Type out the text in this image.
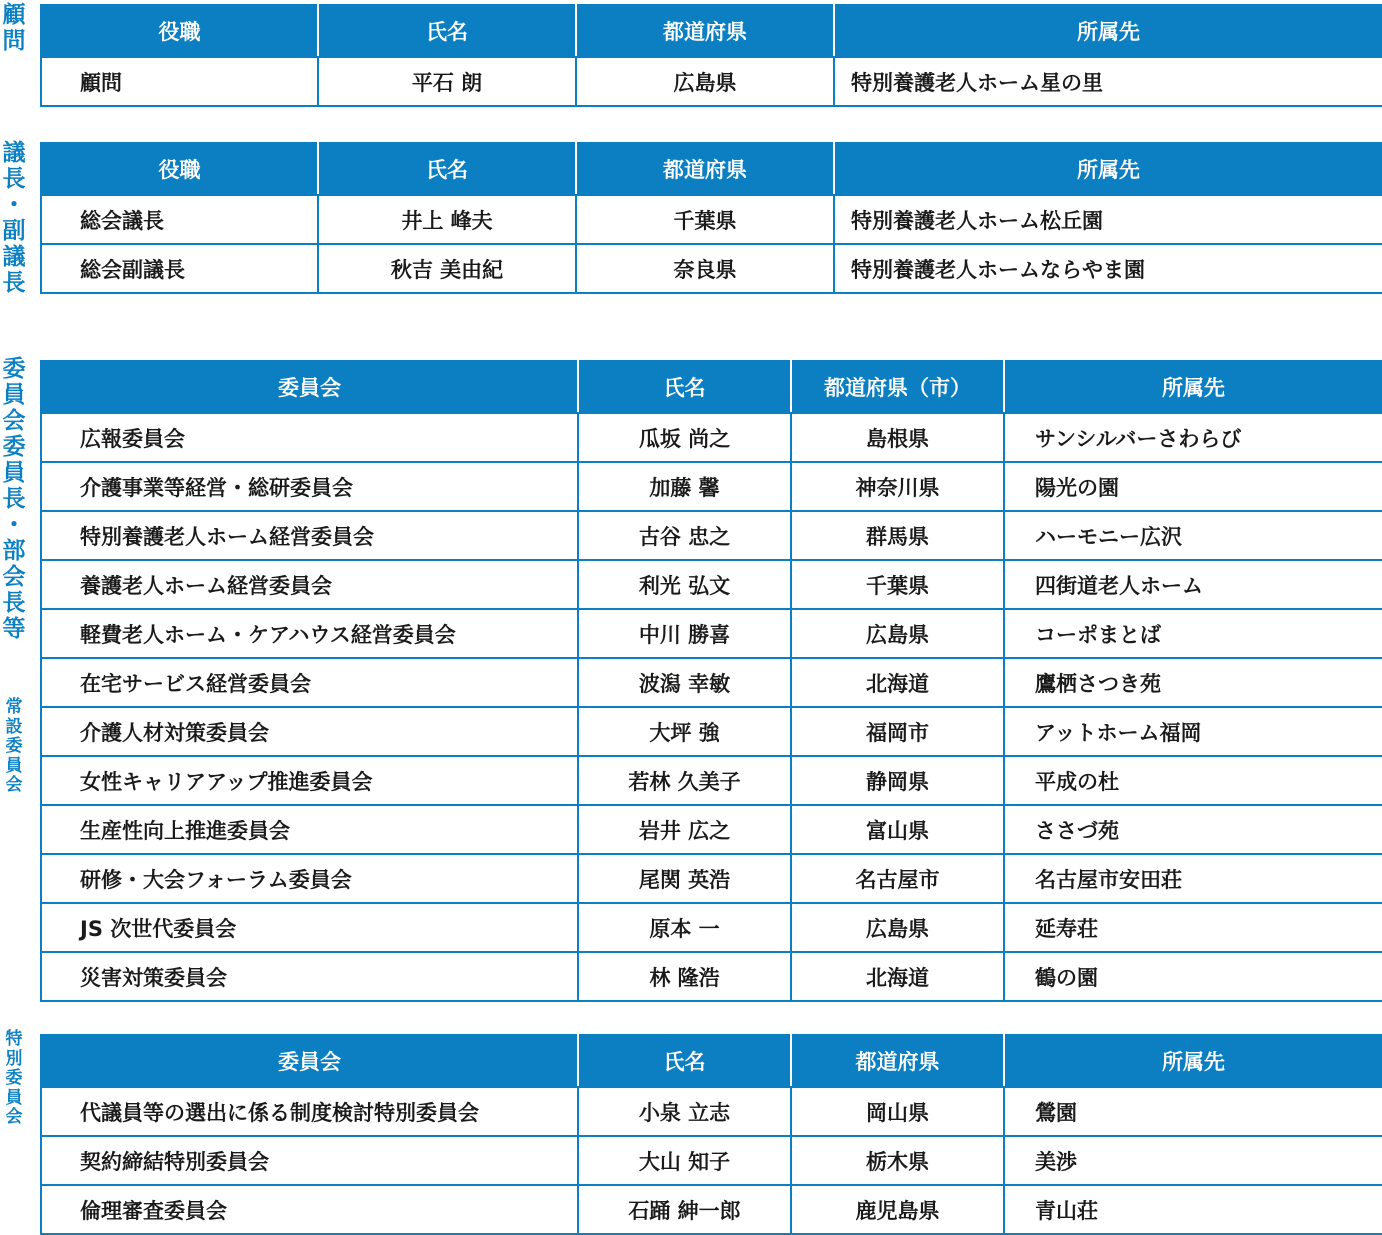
顧
問
議
長
・
副
議
長
委
員
会
委
員
長
・
部
会
長
等
常
設
委
員
会
特
別
委
員
会
役職	氏名	都道府県	所属先
顧問	平石 朗	広島県	特別養護老人ホーム星の里
役職	氏名	都道府県	所属先
総会議長	井上 峰夫	千葉県	特別養護老人ホーム松丘園
総会副議長	秋吉 美由紀	奈良県	特別養護老人ホームならやま園
委員会	氏名	都道府県（市）	所属先
広報委員会	瓜坂 尚之	島根県	サンシルバーさわらび
介護事業等経営・総研委員会	加藤 馨	神奈川県	陽光の園
特別養護老人ホーム経営委員会	古谷 忠之	群馬県	ハーモニー広沢
養護老人ホーム経営委員会	利光 弘文	千葉県	四街道老人ホーム
軽費老人ホーム・ケアハウス経営委員会	中川 勝喜	広島県	コーポまとば
在宅サービス経営委員会	波潟 幸敏	北海道	鷹栖さつき苑
介護人材対策委員会	大坪 強	福岡市	アットホーム福岡
女性キャリアアップ推進委員会	若林 久美子	静岡県	平成の杜
生産性向上推進委員会	岩井 広之	富山県	ささづ苑
研修・大会フォーラム委員会	尾関 英浩	名古屋市	名古屋市安田荘
JS 次世代委員会	原本 一	広島県	延寿荘
災害対策委員会	林 隆浩	北海道	鶴の園
委員会	氏名	都道府県	所属先
代議員等の選出に係る制度検討特別委員会	小泉 立志	岡山県	鶯園
契約締結特別委員会	大山 知子	栃木県	美渉
倫理審査委員会	石踊 紳一郎	鹿児島県	青山荘
